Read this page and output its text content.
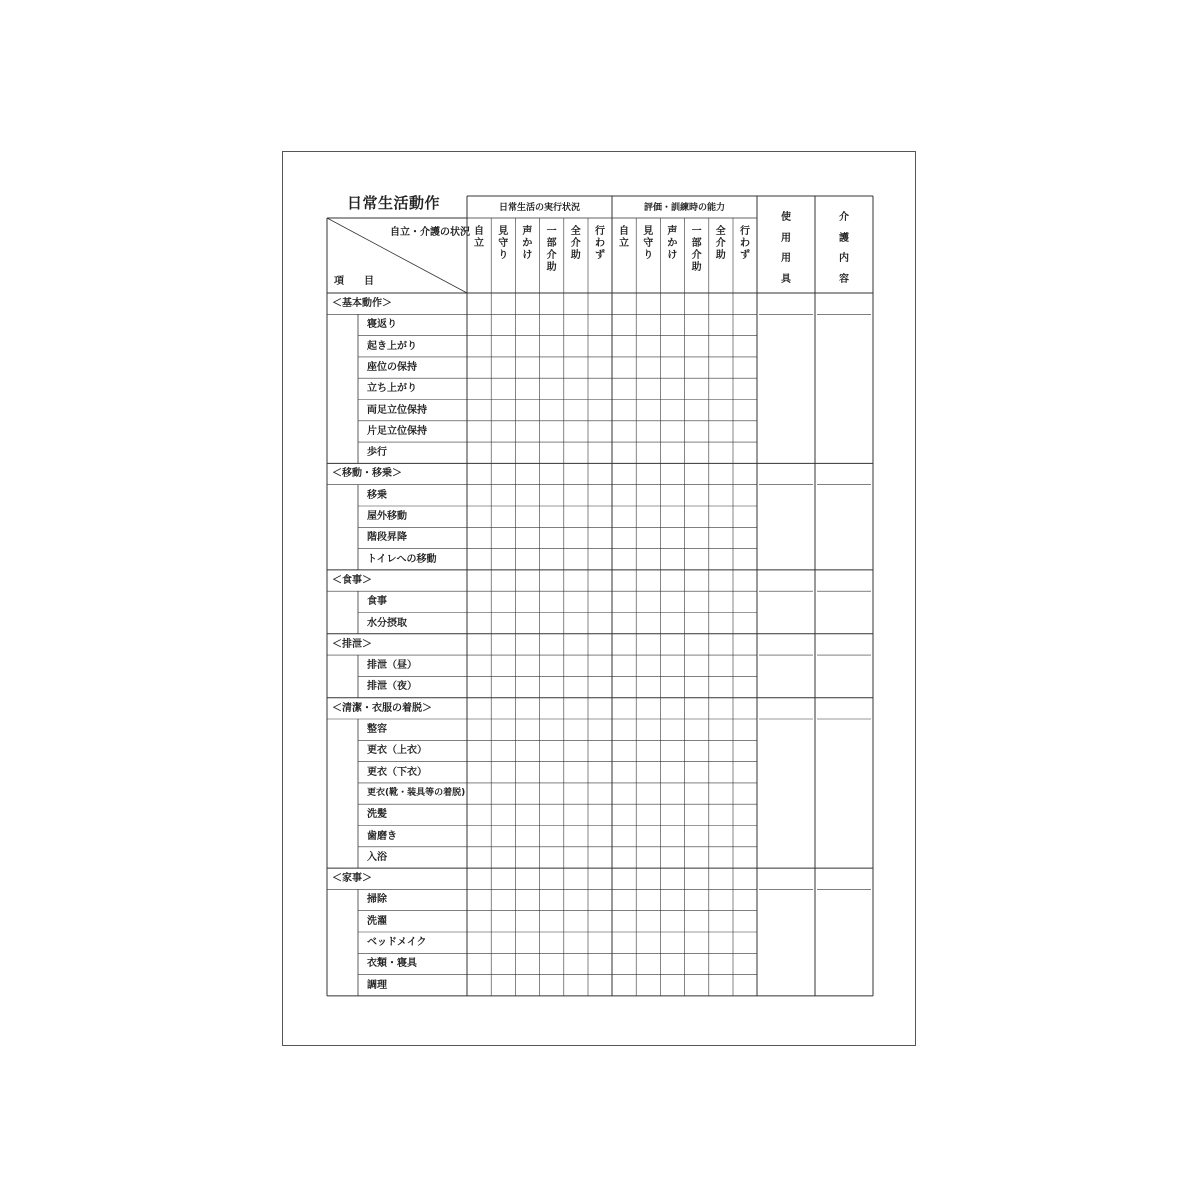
日常生活動作	日常生活の実行状況	評価・訓練時の能力
自立・介護の状況
項　　目
自立
見守り
声かけ
一部介助
全介助
行わず
自立
見守り
声かけ
一部介助
全介助
行わず
使用用具
介護内容
＜基本動作＞
寝返り
起き上がり
座位の保持
立ち上がり
両足立位保持
片足立位保持
歩行
＜移動・移乗＞
移乗
屋外移動
階段昇降
トイレへの移動
＜食事＞
食事
水分摂取
＜排泄＞
排泄（昼）
排泄（夜）
＜清潔・衣服の着脱＞
整容
更衣（上衣）
更衣（下衣）
更衣(靴・装具等の着脱)
洗髪
歯磨き
入浴
＜家事＞
掃除
洗濯
ベッドメイク
衣類・寝具
調理
